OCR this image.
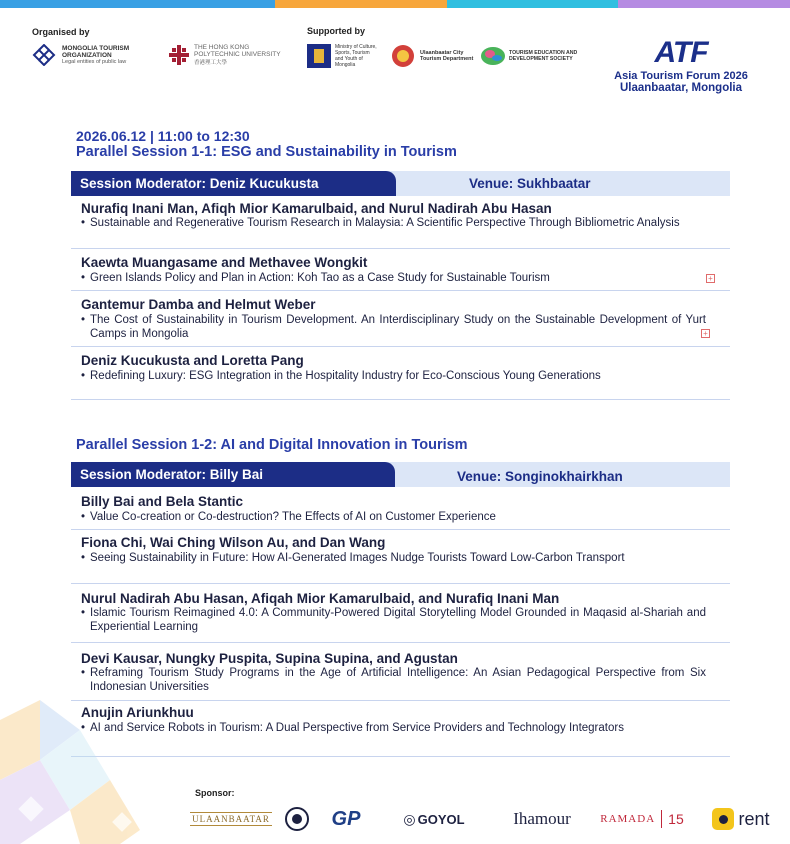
Organised by
MONGOLIA TOURISM ORGANIZATION
Legal entities of public law
THE HONG KONG POLYTECHNIC UNIVERSITY
香港理工大學
Supported by
Ministry of Culture, Sports, Tourism and Youth of Mongolia
Ulaanbaatar City Tourism Department
TOURISM EDUCATION AND DEVELOPMENT SOCIETY	ATF
Asia Tourism Forum 2026
Ulaanbaatar, Mongolia
2026.06.12 | 11:00 to 12:30
Parallel Session 1-1: ESG and Sustainability in Tourism
Session Moderator: Deniz Kucukusta	Venue: Sukhbaatar
Nurafiq Inani Man, Afiqh Mior Kamarulbaid, and Nurul Nadirah Abu Hasan
• Sustainable and Regenerative Tourism Research in Malaysia: A Scientific Perspective Through Bibliometric Analysis
Kaewta Muangasame and Methavee Wongkit
• Green Islands Policy and Plan in Action: Koh Tao as a Case Study for Sustainable Tourism	+
Gantemur Damba and Helmut Weber
• The Cost of Sustainability in Tourism Development. An Interdisciplinary Study on the Sustainable Development of Yurt Camps in Mongolia	+
Deniz Kucukusta and Loretta Pang
• Redefining Luxury: ESG Integration in the Hospitality Industry for Eco-Conscious Young Generations
Parallel Session 1-2: AI and Digital Innovation in Tourism
Session Moderator: Billy Bai	Venue: Songinokhairkhan
Billy Bai and Bela Stantic
• Value Co-creation or Co-destruction? The Effects of AI on Customer Experience
Fiona Chi, Wai Ching Wilson Au, and Dan Wang
• Seeing Sustainability in Future: How AI-Generated Images Nudge Tourists Toward Low-Carbon Transport
Nurul Nadirah Abu Hasan, Afiqah Mior Kamarulbaid, and Nurafiq Inani Man
• Islamic Tourism Reimagined 4.0: A Community-Powered Digital Storytelling Model Grounded in Maqasid al-Shariah and Experiential Learning
Devi Kausar, Nungky Puspita, Supina Supina, and Agustan
• Reframing Tourism Study Programs in the Age of Artificial Intelligence: An Asian Pedagogical Perspective from Six Indonesian Universities
Anujin Ariunkhuu
• AI and Service Robots in Tourism: A Dual Perspective from Service Providers and Technology Integrators
Sponsor:
ULAANBAATAR	GP	◎ GOYOL	Ihamour	RAMADA 15	rent
